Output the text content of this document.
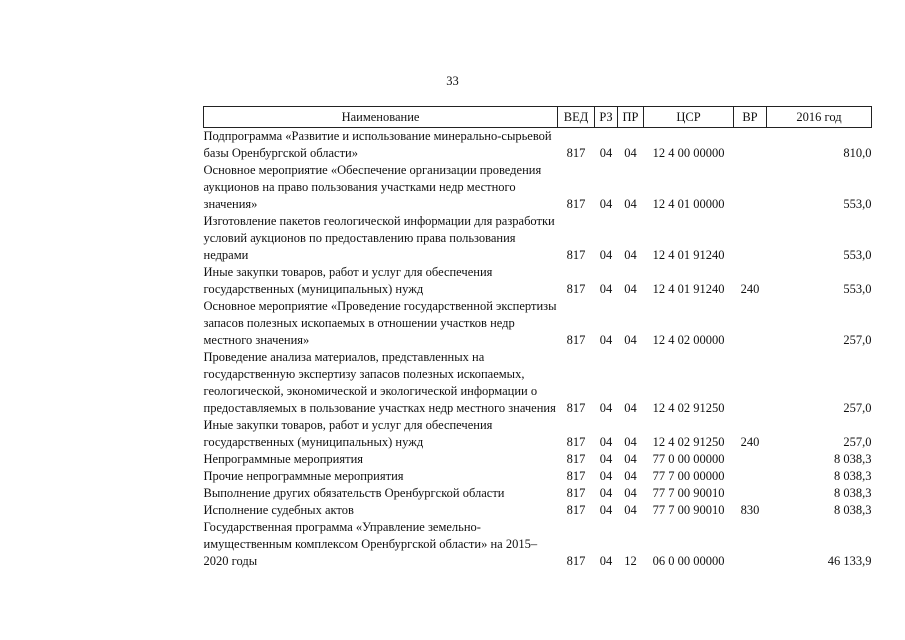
33
Наименование	ВЕД	РЗ	ПР	ЦСР	ВР	2016 год
Подпрограмма «Развитие и использование минерально-сырьевой базы Оренбургской области»	817	04	04	12 4 00 00000		810,0
Основное мероприятие «Обеспечение организации проведения аукционов на право пользования участками недр местного значения»	817	04	04	12 4 01 00000		553,0
Изготовление пакетов геологической информации для разработки условий аукционов по предоставлению права пользования недрами	817	04	04	12 4 01 91240		553,0
Иные закупки товаров, работ и услуг для обеспечения государственных (муниципальных) нужд	817	04	04	12 4 01 91240	240	553,0
Основное мероприятие «Проведение государственной экспертизы запасов полезных ископаемых в отношении участков недр местного значения»	817	04	04	12 4 02 00000		257,0
Проведение анализа материалов, представленных на государственную экспертизу запасов полезных ископаемых, геологической, экономической и экологической информации о предоставляемых в пользование участках недр местного значения	817	04	04	12 4 02 91250		257,0
Иные закупки товаров, работ и услуг для обеспечения государственных (муниципальных) нужд	817	04	04	12 4 02 91250	240	257,0
Непрограммные мероприятия	817	04	04	77 0 00 00000		8 038,3
Прочие непрограммные мероприятия	817	04	04	77 7 00 00000		8 038,3
Выполнение других обязательств Оренбургской области	817	04	04	77 7 00 90010		8 038,3
Исполнение судебных актов	817	04	04	77 7 00 90010	830	8 038,3
Государственная программа «Управление земельно-имущественным комплексом Оренбургской области» на 2015–2020 годы	817	04	12	06 0 00 00000		46 133,9
